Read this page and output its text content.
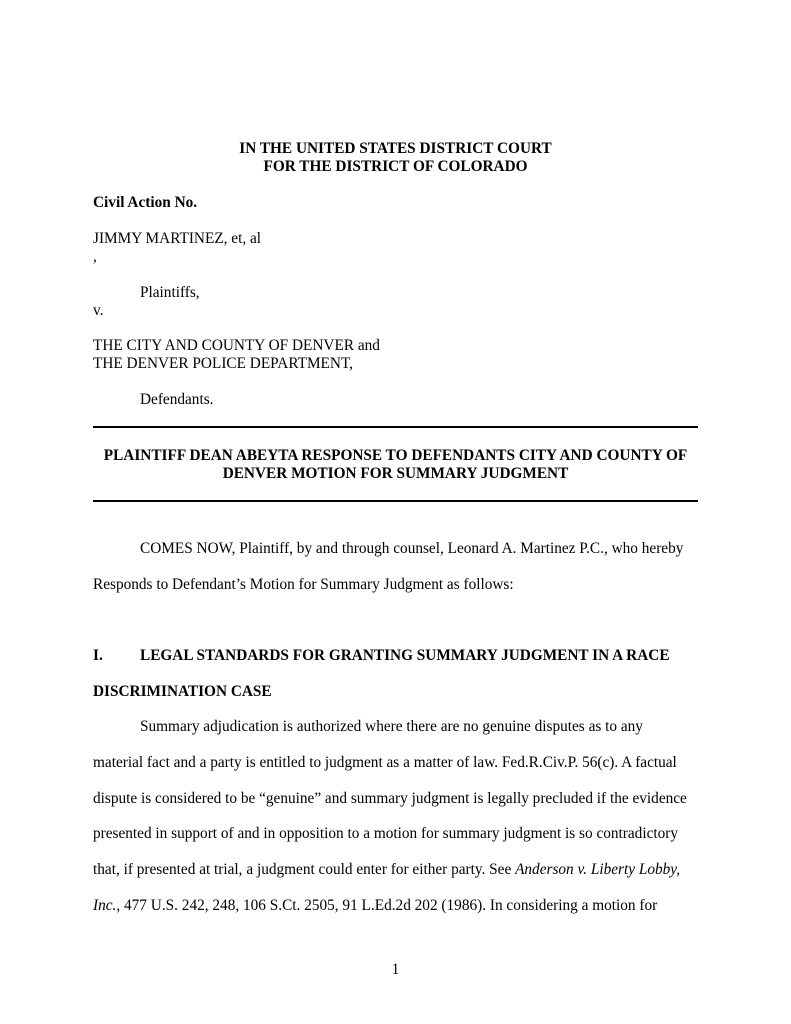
IN THE UNITED STATES DISTRICT COURT
FOR THE DISTRICT OF COLORADO
Civil Action No.
JIMMY MARTINEZ, et, al
,
Plaintiffs,
v.
THE CITY AND COUNTY OF DENVER and
THE DENVER POLICE DEPARTMENT,
Defendants.
PLAINTIFF DEAN ABEYTA RESPONSE TO DEFENDANTS CITY AND COUNTY OF
DENVER MOTION FOR SUMMARY JUDGMENT
COMES NOW, Plaintiff, by and through counsel, Leonard A. Martinez P.C., who hereby
Responds to Defendant’s Motion for Summary Judgment as follows:
I. LEGAL STANDARDS FOR GRANTING SUMMARY JUDGMENT IN A RACE
DISCRIMINATION CASE
Summary adjudication is authorized where there are no genuine disputes as to any
material fact and a party is entitled to judgment as a matter of law. Fed.R.Civ.P. 56(c). A factual
dispute is considered to be “genuine” and summary judgment is legally precluded if the evidence
presented in support of and in opposition to a motion for summary judgment is so contradictory
that, if presented at trial, a judgment could enter for either party. See Anderson v. Liberty Lobby,
Inc., 477 U.S. 242, 248, 106 S.Ct. 2505, 91 L.Ed.2d 202 (1986). In considering a motion for
1
